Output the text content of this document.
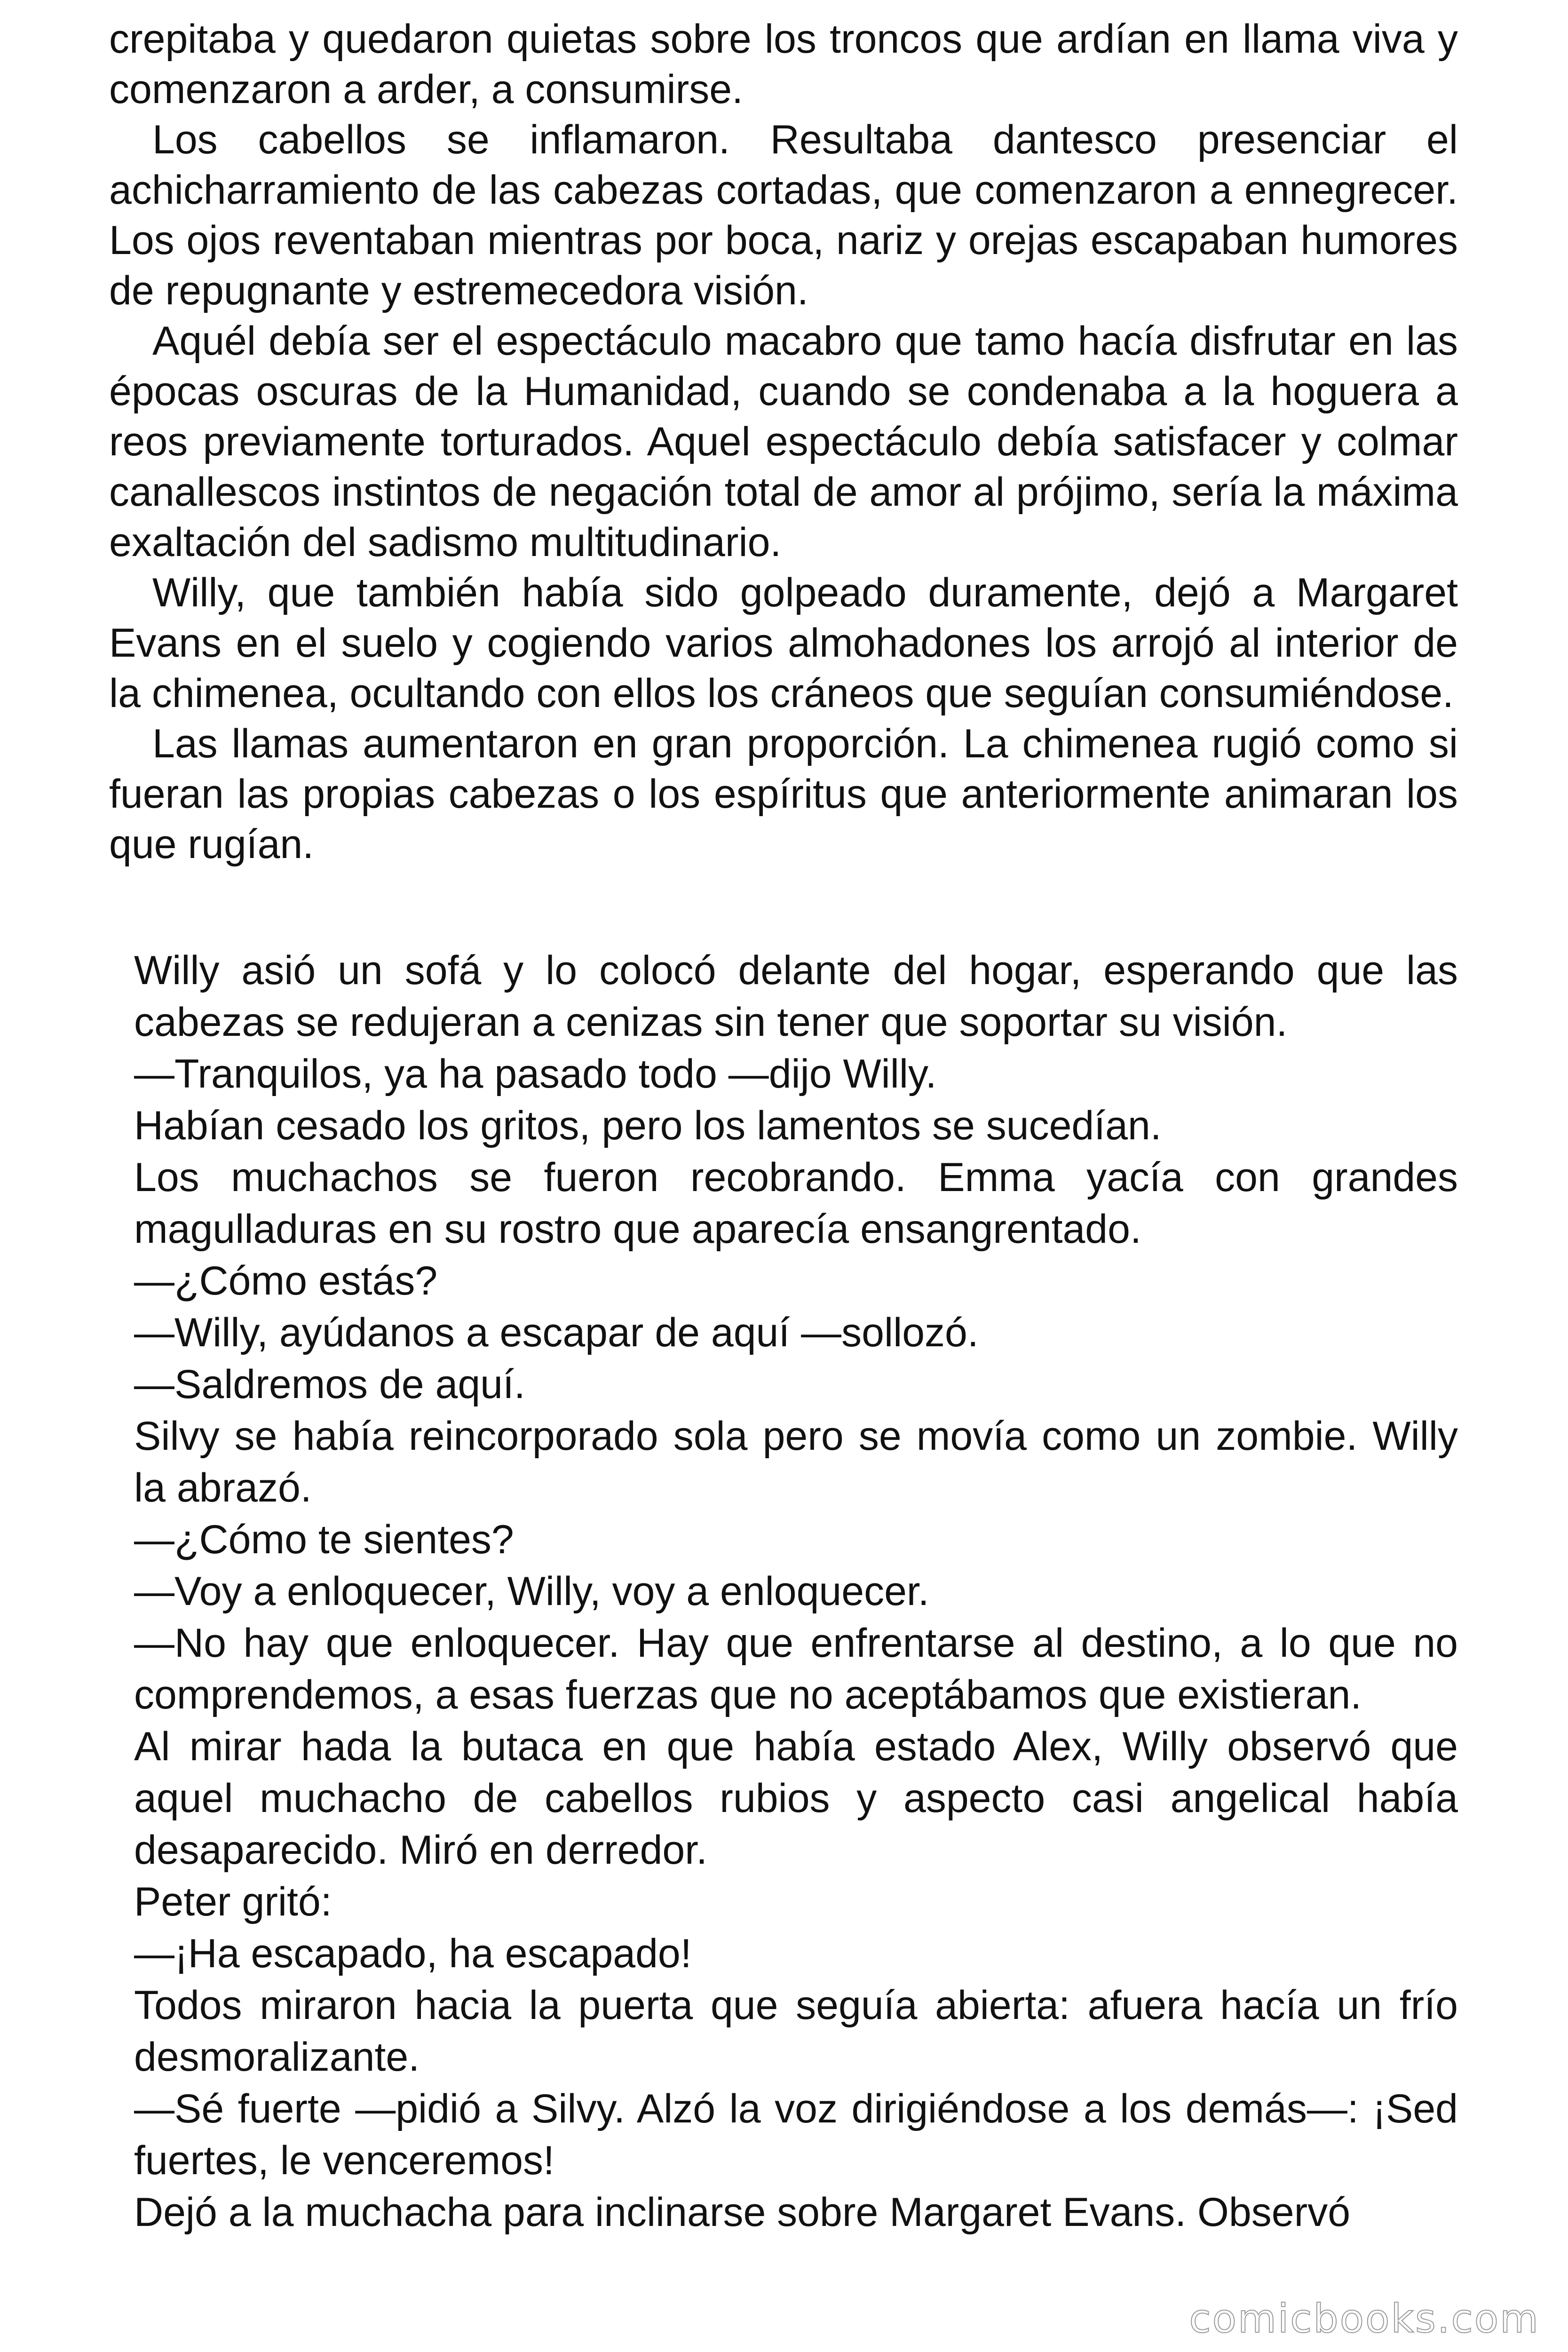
crepitaba y quedaron quietas sobre los troncos que ardían en llama viva y comenzaron a arder, a consumirse.

Los cabellos se inflamaron. Resultaba dantesco presenciar el achicharramiento de las cabezas cortadas, que comenzaron a ennegrecer. Los ojos reventaban mientras por boca, nariz y orejas escapaban humores de repugnante y estremecedora visión.

Aquél debía ser el espectáculo macabro que tamo hacía disfrutar en las épocas oscuras de la Humanidad, cuando se condenaba a la hoguera a reos previamente torturados. Aquel espectáculo debía satisfacer y colmar canallescos instintos de negación total de amor al prójimo, sería la máxima exaltación del sadismo multitudinario.

Willy, que también había sido golpeado duramente, dejó a Margaret Evans en el suelo y cogiendo varios almohadones los arrojó al interior de la chimenea, ocultando con ellos los cráneos que seguían consumiéndose.

Las llamas aumentaron en gran proporción. La chimenea rugió como si fueran las propias cabezas o los espíritus que anteriormente animaran los que rugían.

Willy asió un sofá y lo colocó delante del hogar, esperando que las cabezas se redujeran a cenizas sin tener que soportar su visión.

—Tranquilos, ya ha pasado todo —dijo Willy.

Habían cesado los gritos, pero los lamentos se sucedían.

Los muchachos se fueron recobrando. Emma yacía con grandes magulladuras en su rostro que aparecía ensangrentado.

—¿Cómo estás?

—Willy, ayúdanos a escapar de aquí —sollozó.

—Saldremos de aquí.

Silvy se había reincorporado sola pero se movía como un zombie. Willy la abrazó.

—¿Cómo te sientes?

—Voy a enloquecer, Willy, voy a enloquecer.

—No hay que enloquecer. Hay que enfrentarse al destino, a lo que no comprendemos, a esas fuerzas que no aceptábamos que existieran.

Al mirar hada la butaca en que había estado Alex, Willy observó que aquel muchacho de cabellos rubios y aspecto casi angelical había desaparecido. Miró en derredor.

Peter gritó:

—¡Ha escapado, ha escapado!

Todos miraron hacia la puerta que seguía abierta: afuera hacía un frío desmoralizante.

—Sé fuerte —pidió a Silvy. Alzó la voz dirigiéndose a los demás—: ¡Sed fuertes, le venceremos!

Dejó a la muchacha para inclinarse sobre Margaret Evans. Observó

comicbooks.com
